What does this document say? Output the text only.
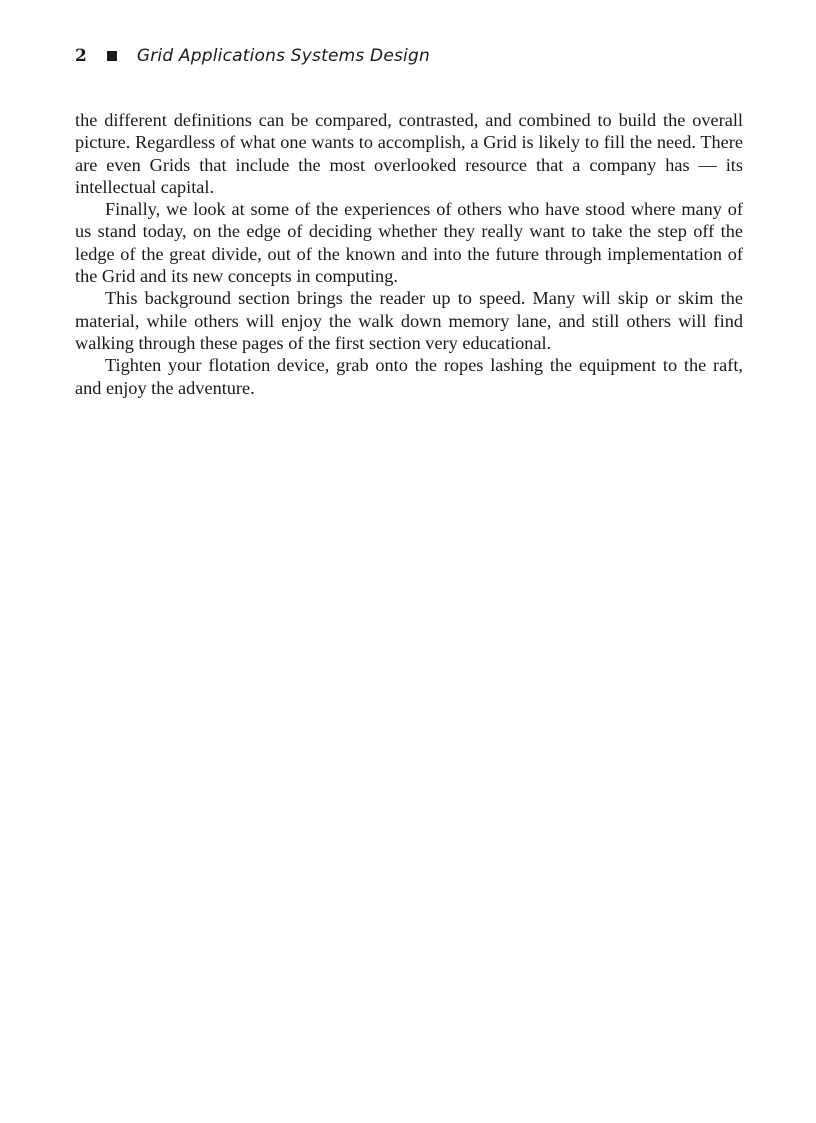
2	Grid Applications Systems Design

the different definitions can be compared, contrasted, and combined to build the overall picture. Regardless of what one wants to accomplish, a Grid is likely to fill the need. There are even Grids that include the most overlooked resource that a company has — its intellectual capital.

Finally, we look at some of the experiences of others who have stood where many of us stand today, on the edge of deciding whether they really want to take the step off the ledge of the great divide, out of the known and into the future through implementation of the Grid and its new concepts in computing.

This background section brings the reader up to speed. Many will skip or skim the material, while others will enjoy the walk down memory lane, and still others will find walking through these pages of the first section very educational.

Tighten your flotation device, grab onto the ropes lashing the equipment to the raft, and enjoy the adventure.
